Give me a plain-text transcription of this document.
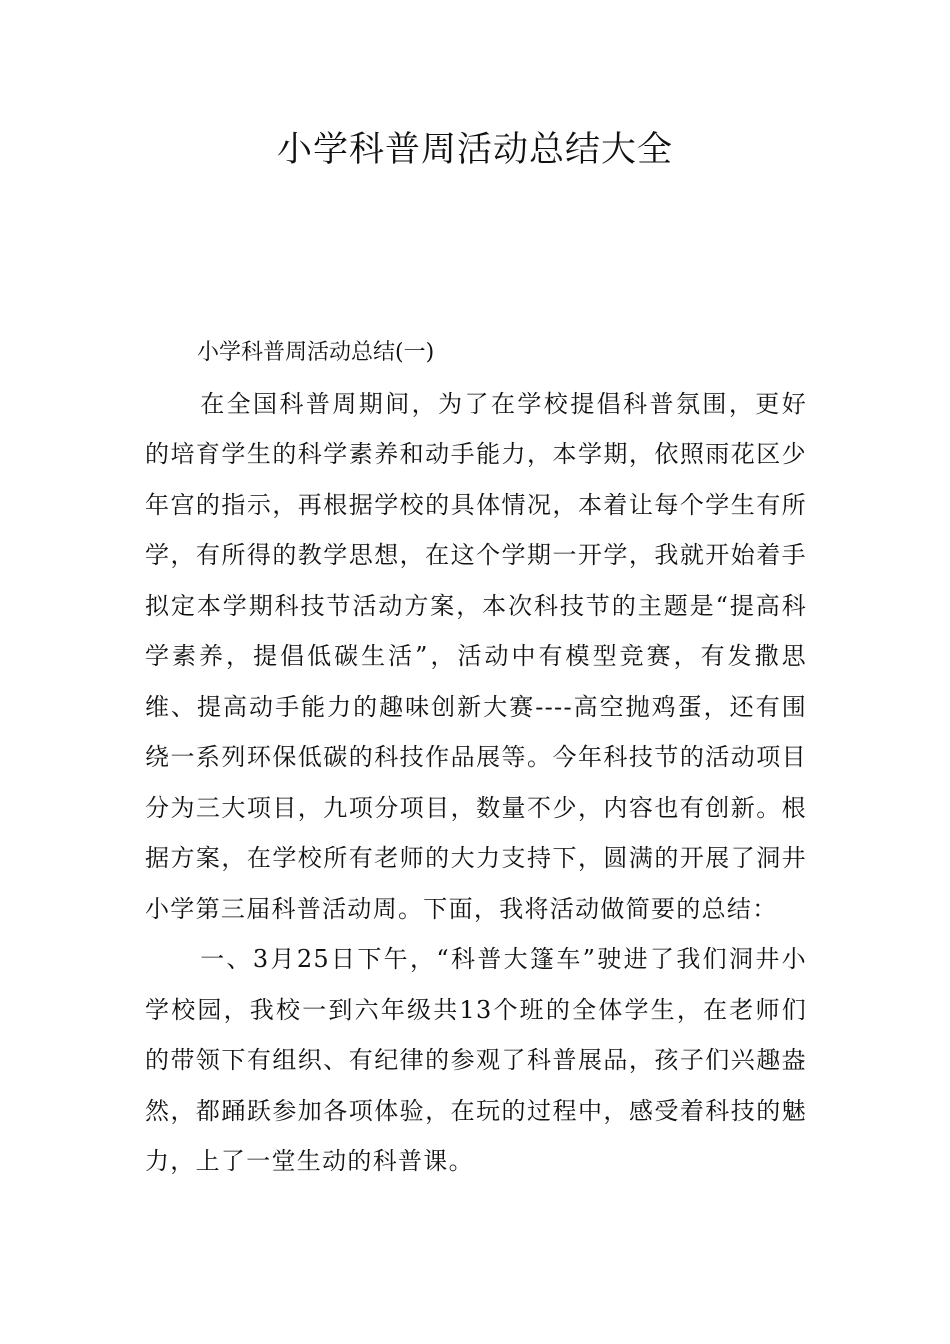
小学科普周活动总结大全

小学科普周活动总结(一)

在全国科普周期间，为了在学校提倡科普氛围，更好的培育学生的科学素养和动手能力，本学期，依照雨花区少年宫的指示，再根据学校的具体情况，本着让每个学生有所学，有所得的教学思想，在这个学期一开学，我就开始着手拟定本学期科技节活动方案，本次科技节的主题是“提高科学素养，提倡低碳生活”，活动中有模型竞赛，有发撒思维、提高动手能力的趣味创新大赛----高空抛鸡蛋，还有围绕一系列环保低碳的科技作品展等。今年科技节的活动项目分为三大项目，九项分项目，数量不少，内容也有创新。根据方案，在学校所有老师的大力支持下，圆满的开展了洞井小学第三届科普活动周。下面，我将活动做简要的总结：

一、3月25日下午，“科普大篷车”驶进了我们洞井小学校园，我校一到六年级共13个班的全体学生，在老师们的带领下有组织、有纪律的参观了科普展品，孩子们兴趣盎然，都踊跃参加各项体验，在玩的过程中，感受着科技的魅力，上了一堂生动的科普课。
